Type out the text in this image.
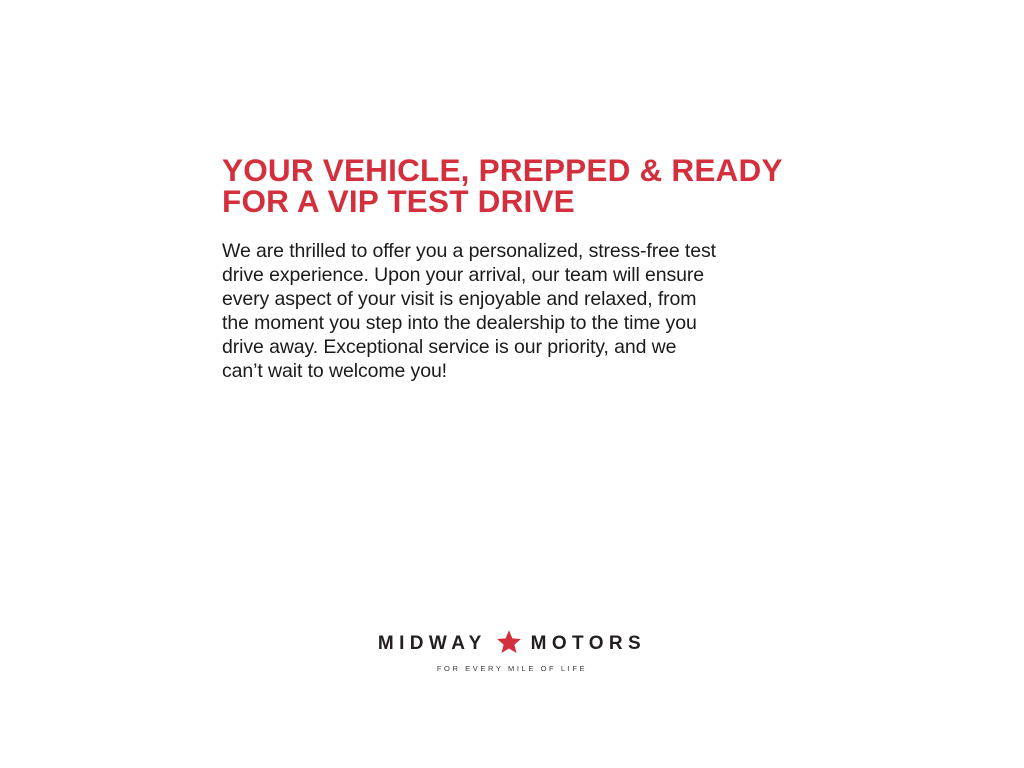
YOUR VEHICLE, PREPPED & READY
FOR A VIP TEST DRIVE

We are thrilled to offer you a personalized, stress-free test drive experience. Upon your arrival, our team will ensure every aspect of your visit is enjoyable and relaxed, from the moment you step into the dealership to the time you drive away. Exceptional service is our priority, and we can’t wait to welcome you!

MIDWAY MOTORS
FOR EVERY MILE OF LIFE
